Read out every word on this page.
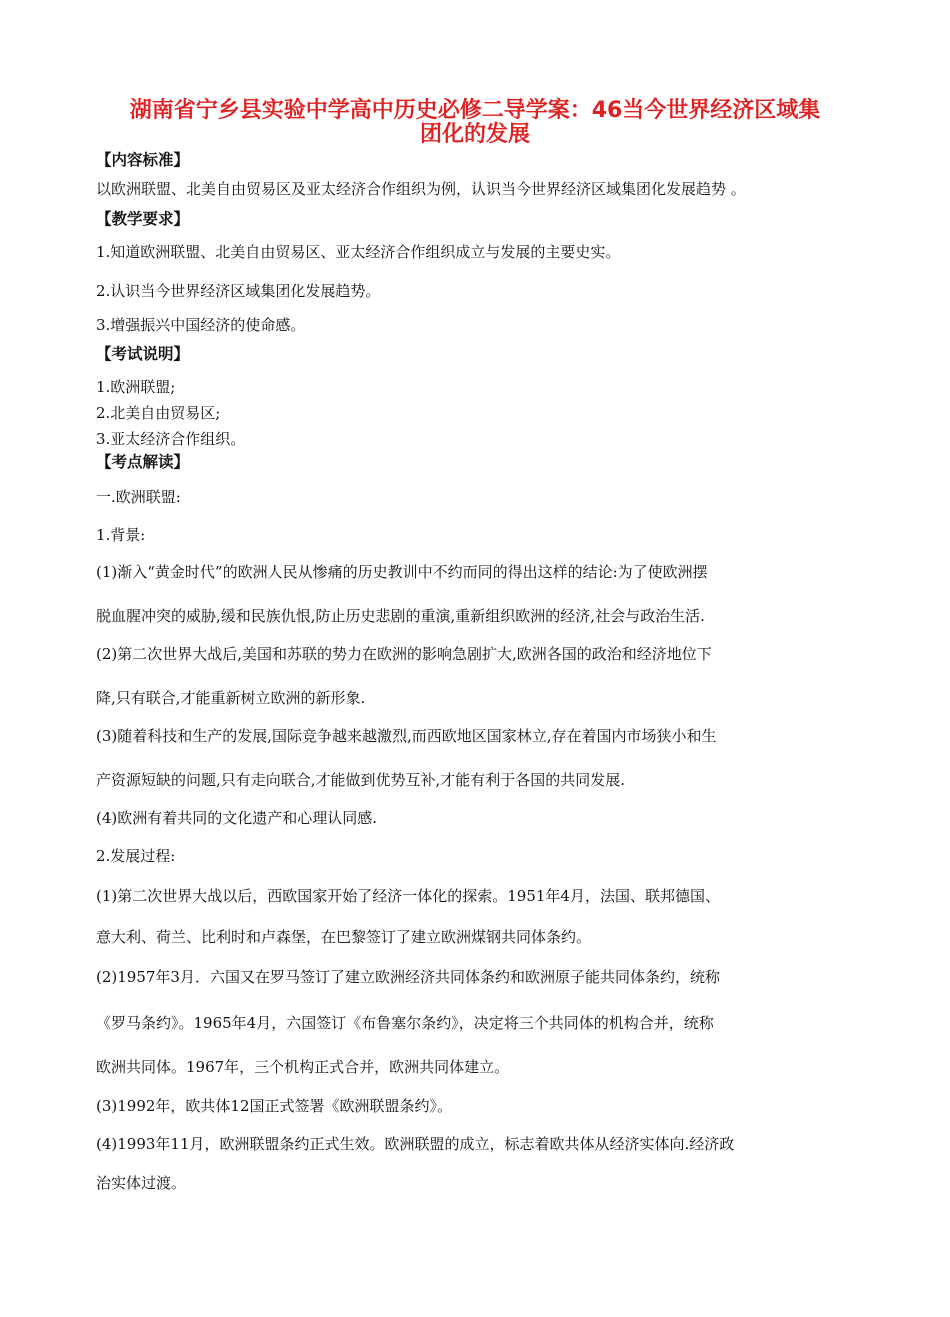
湖南省宁乡县实验中学高中历史必修二导学案：46当今世界经济区域集
团化的发展
【内容标准】
以欧洲联盟、北美自由贸易区及亚太经济合作组织为例，认识当今世界经济区域集团化发展趋势 。
【教学要求】
1.知道欧洲联盟、北美自由贸易区、亚太经济合作组织成立与发展的主要史实。
2.认识当今世界经济区域集团化发展趋势。
3.增强振兴中国经济的使命感。
【考试说明】
1.欧洲联盟;
2.北美自由贸易区;
3.亚太经济合作组织。
【考点解读】
一.欧洲联盟:
1.背景:
(1)渐入“黄金时代”的欧洲人民从惨痛的历史教训中不约而同的得出这样的结论:为了使欧洲摆
脱血腥冲突的威胁,缓和民族仇恨,防止历史悲剧的重演,重新组织欧洲的经济,社会与政治生活.
(2)第二次世界大战后,美国和苏联的势力在欧洲的影响急剧扩大,欧洲各国的政治和经济地位下
降,只有联合,才能重新树立欧洲的新形象.
(3)随着科技和生产的发展,国际竞争越来越激烈,而西欧地区国家林立,存在着国内市场狭小和生
产资源短缺的问题,只有走向联合,才能做到优势互补,才能有利于各国的共同发展.
(4)欧洲有着共同的文化遗产和心理认同感.
2.发展过程:
(1)第二次世界大战以后，西欧国家开始了经济一体化的探索。1951年4月，法国、联邦德国、
意大利、荷兰、比利时和卢森堡，在巴黎签订了建立欧洲煤钢共同体条约。
(2)1957年3月．六国又在罗马签订了建立欧洲经济共同体条约和欧洲原子能共同体条约，统称
《罗马条约》。1965年4月，六国签订《布鲁塞尔条约》，决定将三个共同体的机构合并，统称
欧洲共同体。1967年，三个机构正式合并，欧洲共同体建立。
(3)1992年，欧共体12国正式签署《欧洲联盟条约》。
(4)1993年11月，欧洲联盟条约正式生效。欧洲联盟的成立，标志着欧共体从经济实体向.经济政
治实体过渡。
